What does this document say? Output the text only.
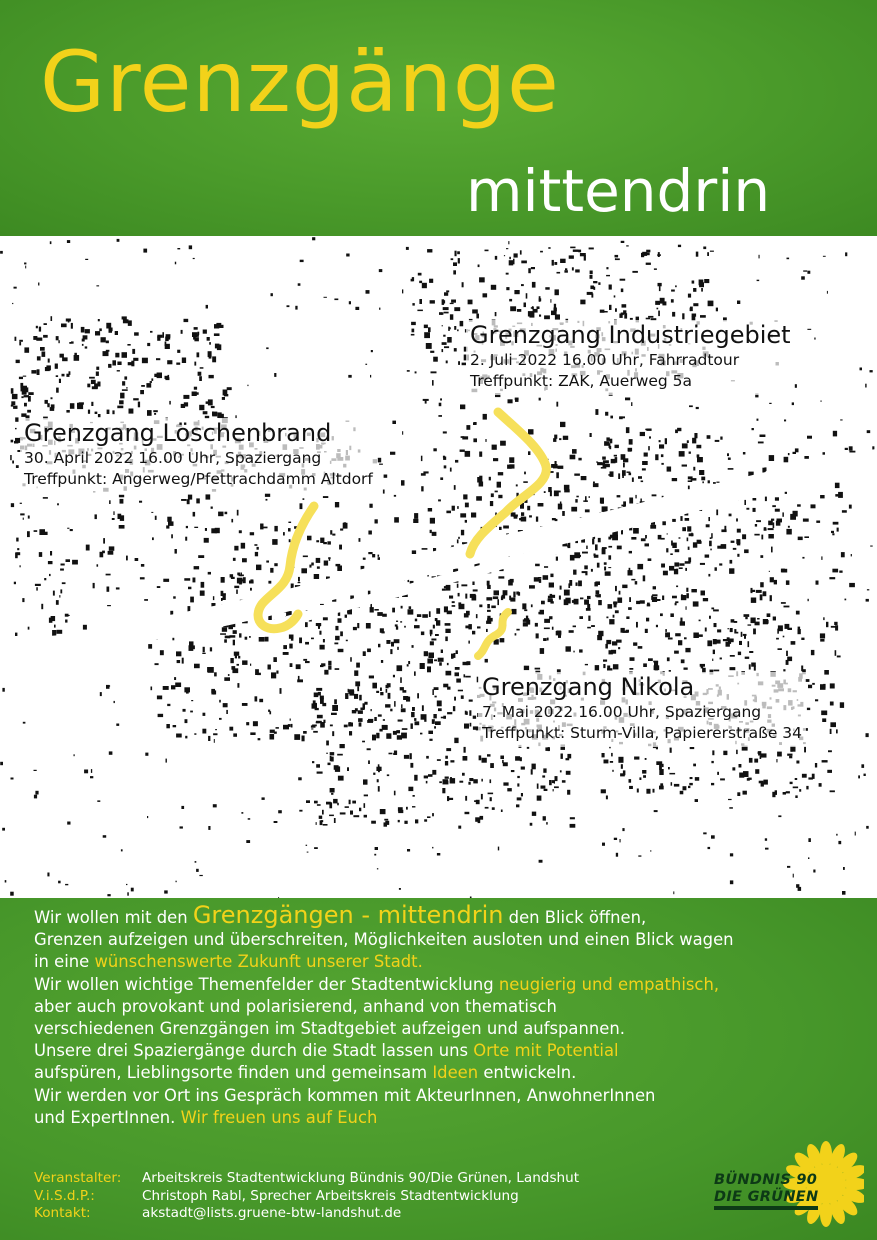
Grenzgänge
mittendrin
Grenzgang Industriegebiet
2. Juli 2022 16.00 Uhr, Fahrradtour
Treffpunkt: ZAK, Auerweg 5a
Grenzgang Löschenbrand
30. April 2022 16.00 Uhr, Spaziergang
Treffpunkt: Angerweg/Pfettrachdamm Altdorf
Grenzgang Nikola
7. Mai 2022 16.00 Uhr, Spaziergang
Treffpunkt: Sturm-Villa, Papiererstraße 34
Wir wollen mit den Grenzgängen - mittendrin den Blick öffnen,
Grenzen aufzeigen und überschreiten, Möglichkeiten ausloten und einen Blick wagen
in eine wünschenswerte Zukunft unserer Stadt.
Wir wollen wichtige Themenfelder der Stadtentwicklung neugierig und empathisch,
aber auch provokant und polarisierend, anhand von thematisch
verschiedenen Grenzgängen im Stadtgebiet aufzeigen und aufspannen.
Unsere drei Spaziergänge durch die Stadt lassen uns Orte mit Potential
aufspüren, Lieblingsorte finden und gemeinsam Ideen entwickeln.
Wir werden vor Ort ins Gespräch kommen mit AkteurInnen, AnwohnerInnen
und ExpertInnen. Wir freuen uns auf Euch
Veranstalter:	Arbeitskreis Stadtentwicklung Bündnis 90/Die Grünen, Landshut
V.i.S.d.P.:	Christoph Rabl, Sprecher Arbeitskreis Stadtentwicklung
Kontakt:	akstadt@lists.gruene-btw-landshut.de
BÜNDNIS 90
DIE GRÜNEN
